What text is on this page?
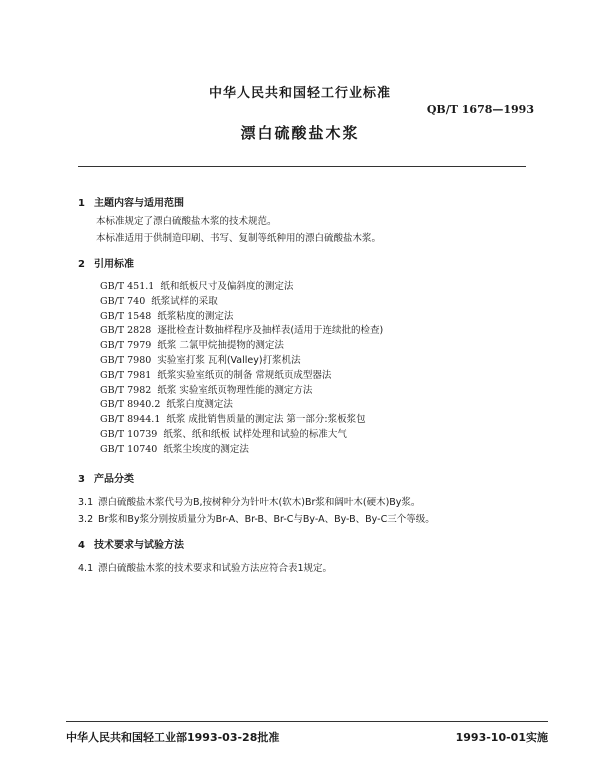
中华人民共和国轻工行业标准
QB/T 1678—1993
漂白硫酸盐木浆
1 主题内容与适用范围
本标准规定了漂白硫酸盐木浆的技术规范。
本标准适用于供制造印刷、书写、复制等纸种用的漂白硫酸盐木浆。
2 引用标准
GB/T 451.1 纸和纸板尺寸及偏斜度的测定法
GB/T 740 纸浆试样的采取
GB/T 1548 纸浆粘度的测定法
GB/T 2828 逐批检查计数抽样程序及抽样表(适用于连续批的检查)
GB/T 7979 纸浆 二氯甲烷抽提物的测定法
GB/T 7980 实验室打浆 瓦利(Valley)打浆机法
GB/T 7981 纸浆实验室纸页的制备 常规纸页成型器法
GB/T 7982 纸浆 实验室纸页物理性能的测定方法
GB/T 8940.2 纸浆白度测定法
GB/T 8944.1 纸浆 成批销售质量的测定法 第一部分:浆板浆包
GB/T 10739 纸浆、纸和纸板 试样处理和试验的标准大气
GB/T 10740 纸浆尘埃度的测定法
3 产品分类
3.1 漂白硫酸盐木浆代号为B,按树种分为针叶木(软木)Br浆和阔叶木(硬木)By浆。
3.2 Br浆和By浆分别按质量分为Br-A、Br-B、Br-C与By-A、By-B、By-C三个等级。
4 技术要求与试验方法
4.1 漂白硫酸盐木浆的技术要求和试验方法应符合表1规定。
中华人民共和国轻工业部1993-03-28批准	1993-10-01实施
